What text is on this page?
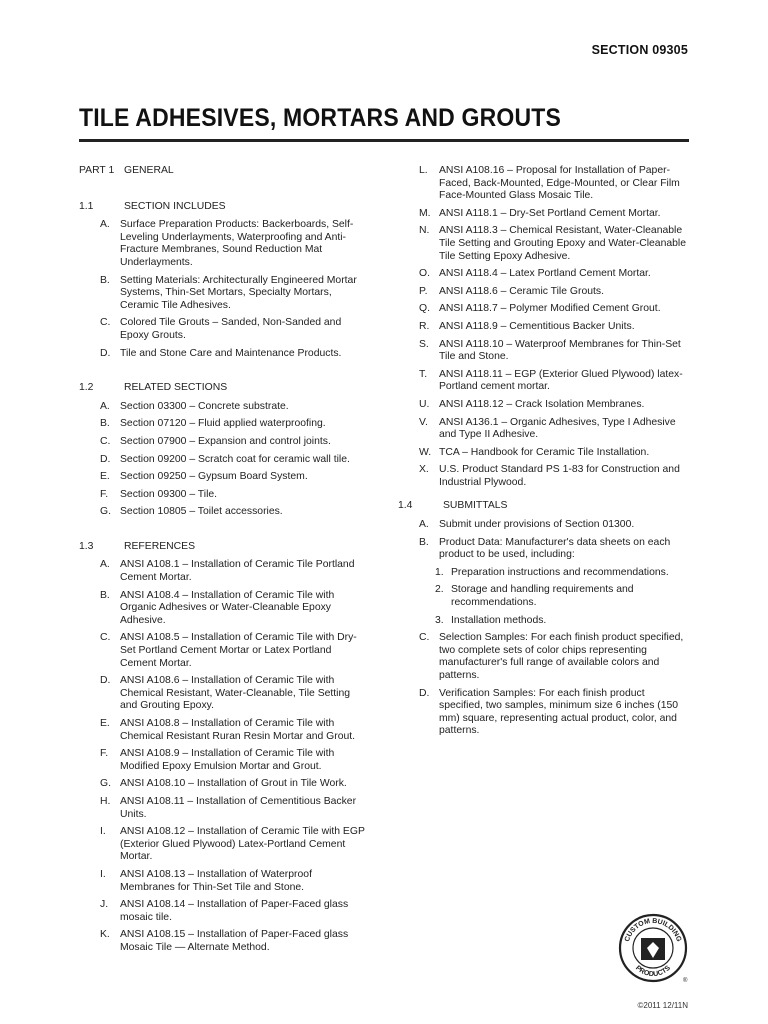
SECTION 09305
TILE ADHESIVES, MORTARS AND GROUTS
PART 1 GENERAL
1.1	SECTION INCLUDES
A. Surface Preparation Products: Backerboards, Self-Leveling Underlayments, Waterproofing and Anti-Fracture Membranes, Sound Reduction Mat Underlayments.
B. Setting Materials: Architecturally Engineered Mortar Systems, Thin-Set Mortars, Specialty Mortars, Ceramic Tile Adhesives.
C. Colored Tile Grouts – Sanded, Non-Sanded and Epoxy Grouts.
D. Tile and Stone Care and Maintenance Products.
1.2	RELATED SECTIONS
A. Section 03300 – Concrete substrate.
B. Section 07120 – Fluid applied waterproofing.
C. Section 07900 – Expansion and control joints.
D. Section 09200 – Scratch coat for ceramic wall tile.
E. Section 09250 – Gypsum Board System.
F.	Section 09300 – Tile.
G. Section 10805 – Toilet accessories.
1.3	REFERENCES
A. ANSI A108.1 – Installation of Ceramic Tile Portland Cement Mortar.
B. ANSI A108.4 – Installation of Ceramic Tile with Organic Adhesives or Water-Cleanable Epoxy Adhesive.
C. ANSI A108.5 – Installation of Ceramic Tile with Dry-Set Portland Cement Mortar or Latex Portland Cement Mortar.
D. ANSI A108.6 – Installation of Ceramic Tile with Chemical Resistant, Water-Cleanable, Tile Setting and Grouting Epoxy.
E. ANSI A108.8 – Installation of Ceramic Tile with Chemical Resistant Ruran Resin Mortar and Grout.
F.	ANSI A108.9 – Installation of Ceramic Tile with Modified Epoxy Emulsion Mortar and Grout.
G. ANSI A108.10 – Installation of Grout in Tile Work.
H. ANSI A108.11 – Installation of Cementitious Backer Units.
I.	ANSI A108.12 – Installation of Ceramic Tile with EGP (Exterior Glued Plywood) Latex-Portland Cement Mortar.
I.	ANSI A108.13 – Installation of Waterproof Membranes for Thin-Set Tile and Stone.
J.	ANSI A108.14 – Installation of Paper-Faced glass mosaic tile.
K. ANSI A108.15 – Installation of Paper-Faced glass Mosaic Tile — Alternate Method.
L.	ANSI A108.16 – Proposal for Installation of Paper-Faced, Back-Mounted, Edge-Mounted, or Clear Film Face-Mounted Glass Mosaic Tile.
M. ANSI A118.1 – Dry-Set Portland Cement Mortar.
N. ANSI A118.3 – Chemical Resistant, Water-Cleanable Tile Setting and Grouting Epoxy and Water-Cleanable Tile Setting Epoxy Adhesive.
O. ANSI A118.4 – Latex Portland Cement Mortar.
P.	ANSI A118.6 – Ceramic Tile Grouts.
Q. ANSI A118.7 – Polymer Modified Cement Grout.
R. ANSI A118.9 – Cementitious Backer Units.
S. ANSI A118.10 – Waterproof Membranes for Thin-Set Tile and Stone.
T.	ANSI A118.11 – EGP (Exterior Glued Plywood) latex-Portland cement mortar.
U. ANSI A118.12 – Crack Isolation Membranes.
V.	ANSI A136.1 – Organic Adhesives, Type I Adhesive and Type II Adhesive.
W. TCA – Handbook for Ceramic Tile Installation.
X. U.S. Product Standard PS 1-83 for Construction and Industrial Plywood.
1.4	SUBMITTALS
A. Submit under provisions of Section 01300.
B. Product Data: Manufacturer's data sheets on each product to be used, including:
1. Preparation instructions and recommendations.
2. Storage and handling requirements and recommendations.
3. Installation methods.
C. Selection Samples: For each finish product specified, two complete sets of color chips representing manufacturer's full range of available colors and patterns.
D. Verification Samples: For each finish product specified, two samples, minimum size 6 inches (150 mm) square, representing actual product, color, and patterns.
CUSTOM BUILDING
PRODUCTS
®
©2011 12/11N
